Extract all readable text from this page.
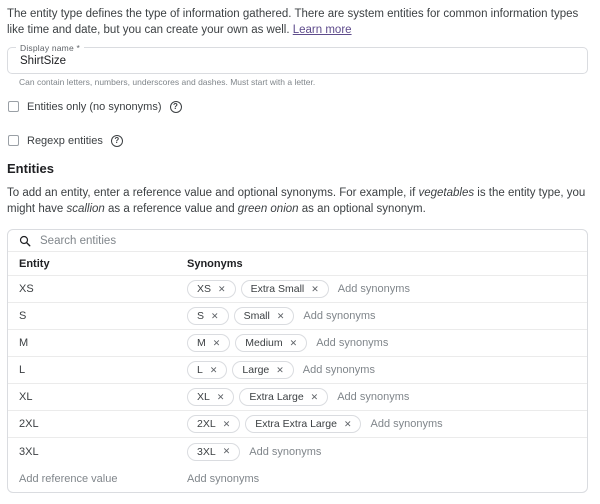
The entity type defines the type of information gathered. There are system entities for common information types like time and date, but you can create your own as well. Learn more

Display name *
ShirtSize
Can contain letters, numbers, underscores and dashes. Must start with a letter.
Entities only (no synonyms)	?
Regexp entities	?
Entities

To add an entity, enter a reference value and optional synonyms. For example, if vegetables is the entity type, you might have scallion as a reference value and green onion as an optional synonym.

Search entities
Entity	Synonyms
XS	XS ✕ Extra Small ✕ Add synonyms
S	S ✕ Small ✕ Add synonyms
M	M ✕ Medium ✕ Add synonyms
L	L ✕ Large ✕ Add synonyms
XL	XL ✕ Extra Large ✕ Add synonyms
2XL	2XL ✕ Extra Extra Large ✕ Add synonyms
3XL	3XL ✕ Add synonyms
Add reference value	Add synonyms
